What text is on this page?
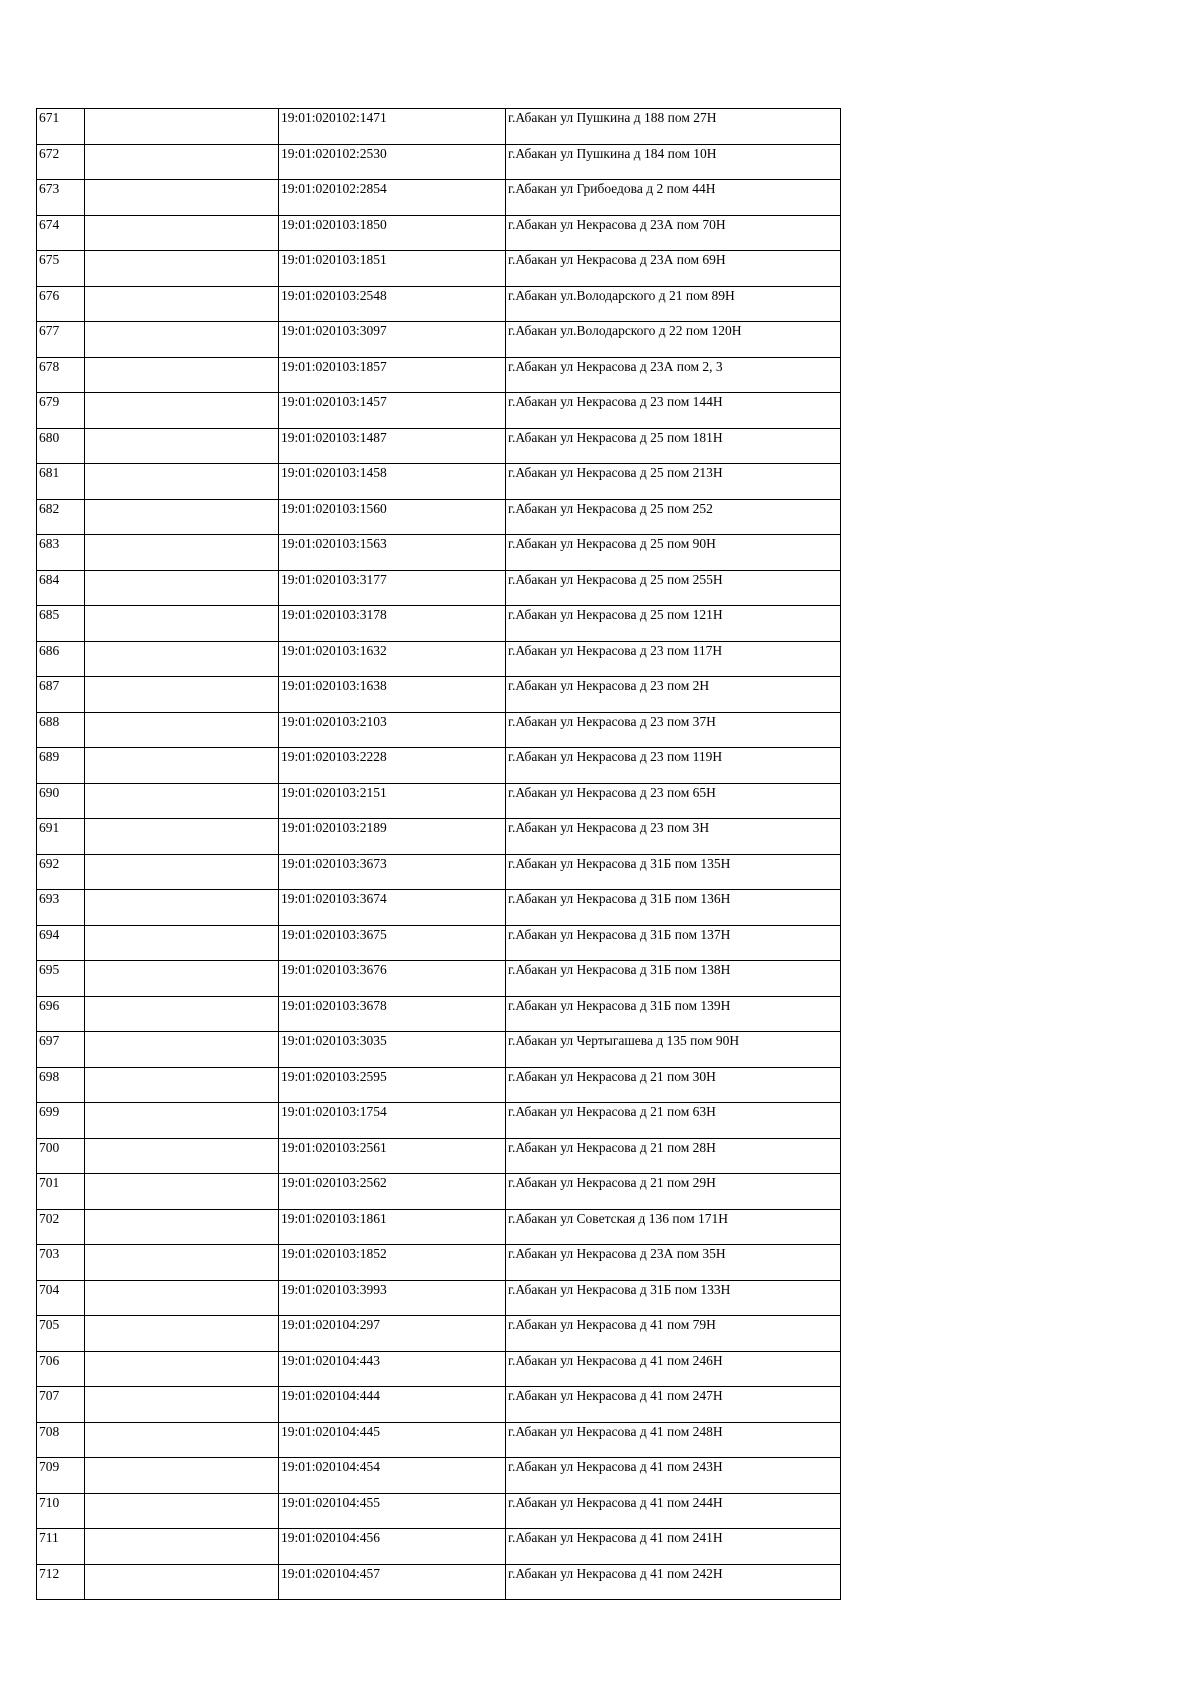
671		19:01:020102:1471	г.Абакан ул Пушкина д 188 пом 27Н
672		19:01:020102:2530	г.Абакан ул Пушкина д 184 пом 10Н
673		19:01:020102:2854	г.Абакан ул Грибоедова д 2 пом 44Н
674		19:01:020103:1850	г.Абакан ул Некрасова д 23А пом 70Н
675		19:01:020103:1851	г.Абакан ул Некрасова д 23А пом 69Н
676		19:01:020103:2548	г.Абакан ул.Володарского д 21 пом 89Н
677		19:01:020103:3097	г.Абакан ул.Володарского д 22 пом 120Н
678		19:01:020103:1857	г.Абакан ул Некрасова д 23А пом 2, 3
679		19:01:020103:1457	г.Абакан ул Некрасова д 23 пом 144Н
680		19:01:020103:1487	г.Абакан ул Некрасова д 25 пом 181Н
681		19:01:020103:1458	г.Абакан ул Некрасова д 25 пом 213Н
682		19:01:020103:1560	г.Абакан ул Некрасова д 25 пом 252
683		19:01:020103:1563	г.Абакан ул Некрасова д 25 пом 90Н
684		19:01:020103:3177	г.Абакан ул Некрасова д 25 пом 255Н
685		19:01:020103:3178	г.Абакан ул Некрасова д 25 пом 121Н
686		19:01:020103:1632	г.Абакан ул Некрасова д 23 пом 117Н
687		19:01:020103:1638	г.Абакан ул Некрасова д 23 пом 2Н
688		19:01:020103:2103	г.Абакан ул Некрасова д 23 пом 37Н
689		19:01:020103:2228	г.Абакан ул Некрасова д 23 пом 119Н
690		19:01:020103:2151	г.Абакан ул Некрасова д 23 пом 65Н
691		19:01:020103:2189	г.Абакан ул Некрасова д 23 пом 3Н
692		19:01:020103:3673	г.Абакан ул Некрасова д 31Б пом 135Н
693		19:01:020103:3674	г.Абакан ул Некрасова д 31Б пом 136Н
694		19:01:020103:3675	г.Абакан ул Некрасова д 31Б пом 137Н
695		19:01:020103:3676	г.Абакан ул Некрасова д 31Б пом 138Н
696		19:01:020103:3678	г.Абакан ул Некрасова д 31Б пом 139Н
697		19:01:020103:3035	г.Абакан ул Чертыгашева д 135 пом 90Н
698		19:01:020103:2595	г.Абакан ул Некрасова д 21 пом 30Н
699		19:01:020103:1754	г.Абакан ул Некрасова д 21 пом 63Н
700		19:01:020103:2561	г.Абакан ул Некрасова д 21 пом 28Н
701		19:01:020103:2562	г.Абакан ул Некрасова д 21 пом 29Н
702		19:01:020103:1861	г.Абакан ул Советская д 136 пом 171Н
703		19:01:020103:1852	г.Абакан ул Некрасова д 23А пом 35Н
704		19:01:020103:3993	г.Абакан ул Некрасова д 31Б пом 133Н
705		19:01:020104:297	г.Абакан ул Некрасова д 41 пом 79Н
706		19:01:020104:443	г.Абакан ул Некрасова д 41 пом 246Н
707		19:01:020104:444	г.Абакан ул Некрасова д 41 пом 247Н
708		19:01:020104:445	г.Абакан ул Некрасова д 41 пом 248Н
709		19:01:020104:454	г.Абакан ул Некрасова д 41 пом 243Н
710		19:01:020104:455	г.Абакан ул Некрасова д 41 пом 244Н
711		19:01:020104:456	г.Абакан ул Некрасова д 41 пом 241Н
712		19:01:020104:457	г.Абакан ул Некрасова д 41 пом 242Н
